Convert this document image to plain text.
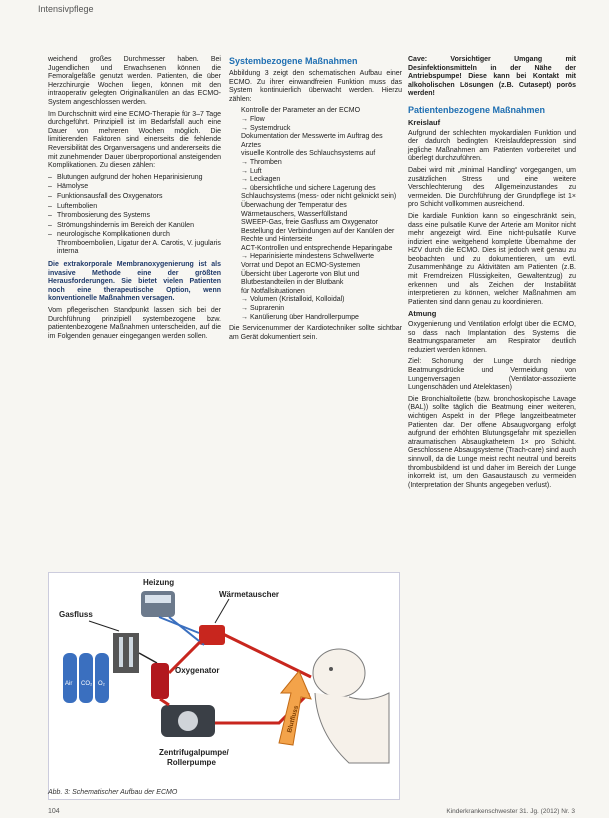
Intensivpflege

weichend großes Durchmesser haben. Bei Jugendlichen und Erwachsenen können die Femoralgefäße genutzt werden. Patienten, die über Herzchirurgie Wochen liegen, können mit den intraoperativ gelegten Originalkanülen an das ECMO-System angeschlossen werden.

Im Durchschnitt wird eine ECMO-Therapie für 3–7 Tage durchgeführt. Prinzipiell ist im Bedarfsfall auch eine Dauer von mehreren Wochen möglich. Die limitierenden Faktoren sind einerseits die fehlende Reversibilität des Organversagens und andererseits die mit zunehmender Dauer überproportional ansteigenden Komplikationen. Zu diesen zählen:

– Blutungen aufgrund der hohen Heparinisierung
– Hämolyse
– Funktionsausfall des Oxygenators
– Luftembolien
– Thrombosierung des Systems
– Strömungshindernis im Bereich der Kanülen
– neurologische Komplikationen durch Thromboembolien, Ligatur der A. Carotis, V. jugularis interna

Die extrakorporale Membranoxygenierung ist als invasive Methode eine der größten Herausforderungen. Sie bietet vielen Patienten noch eine therapeutische Option, wenn konventionelle Maßnahmen versagen.

Vom pflegerischen Standpunkt lassen sich bei der Durchführung prinzipiell systembezogene bzw. patientenbezogene Maßnahmen unterscheiden, auf die im Folgenden genauer eingegangen werden sollen.

Systembezogene Maßnahmen

Abbildung 3 zeigt den schematischen Aufbau einer ECMO. Zu ihrer einwandfreien Funktion muss das System kontinuierlich überwacht werden. Hierzu zählen:

Kontrolle der Parameter an der ECMO
→ Flow
→ Systemdruck
Dokumentation der Messwerte im Auftrag des Arztes
visuelle Kontrolle des Schlauchsystems auf
→ Thromben
→ Luft
→ Leckagen
→ übersichtliche und sichere Lagerung des Schlauchsystems (mess- oder nicht geknickt sein)
Überwachung der Temperatur des Wärmetauschers, Wasserfüllstand
SWEEP-Gas, freie Gasfluss am Oxygenator
Bestellung der Verbindungen auf der Kanülen der Rechte und Hinterseite
ACT-Kontrollen und entsprechende Heparingabe
→ Heparinisierte mindestens Schwellwerte
Vorrat und Depot an ECMO-Systemen
Übersicht über Lagerorte von Blut und Blutbestandteilen in der Blutbank
für Notfallsituationen
→ Volumen (Kristalloid, Kolloidal)
→ Suprarenin
→ Kanülierung über Handrollerpumpe

Die Servicenummer der Kardiotechniker sollte sichtbar am Gerät dokumentiert sein.

Cave: Vorsichtiger Umgang mit Desinfektionsmitteln in der Nähe der Antriebspumpe! Diese kann bei Kontakt mit alkoholischen Lösungen (z.B. Cutasept) porös werden!

Patientenbezogene Maßnahmen
Kreislauf

Aufgrund der schlechten myokardialen Funktion und der dadurch bedingten Kreislaufdepression sind jegliche Maßnahmen am Patienten vorbereitet und überlegt durchzuführen.

Dabei wird mit „minimal Handling“ vorgegangen, um zusätzlichen Stress und eine weitere Verschlechterung des Allgemeinzustandes zu vermeiden. Die Durchführung der Grundpflege ist 1× pro Schicht vollkommen ausreichend.

Die kardiale Funktion kann so eingeschränkt sein, dass eine pulsatile Kurve der Arterie am Monitor nicht mehr angezeigt wird. Eine nicht-pulsatile Kurve indiziert eine weitgehend komplette Übernahme der HZV durch die ECMO. Dies ist jedoch weit genau zu beobachten und zu dokumentieren, um evtl. Zusammenhänge zu Aktivitäten am Patienten (z.B. mit Fremdreizen Flüssigkeiten, Gewaltentzug) zu erkennen und als Zeichen der Instabilität interpretieren zu können, welcher Maßnahmen am Patienten sind dann genau zu koordinieren.

Atmung

Oxygenierung und Ventilation erfolgt über die ECMO, so dass nach Implantation des Systems die Beatmungsparameter am Respirator deutlich reduziert werden können.

Ziel: Schonung der Lunge durch niedrige Beatmungsdrücke und Vermeidung von Lungenversagen (Ventilator-assoziierte Lungenschäden und Atelektasen)

Die Bronchialtoilette (bzw. bronchoskopische Lavage (BAL)) sollte täglich die Beatmung einer weiteren, wichtigen Aspekt in der Pflege langzeitbeatmeter Patienten dar. Der offene Absaugvorgang erfolgt aufgrund der erhöhten Blutungsgefahr mit speziellen atraumatischen Absaugkathetern 1× pro Schicht. Geschlossene Absaugsysteme (Trach-care) sind auch sinnvoll, da die Lunge meist recht neutral und bereits thrombusbildend ist und daher im Bereich der Lunge inkorrekt ist, um den Gasaustausch zu vermeiden (Interpretation der Shunts angegeben verlust).

Heizung
Air CO₂ O₂
Gasfluss
Wärmetauscher
Oxygenator
Zentrifugalpumpe/
Rollerpumpe
Blutfluss
Abb. 3: Schematischer Aufbau der ECMO
104	Kinderkrankenschwester 31. Jg. (2012) Nr. 3
